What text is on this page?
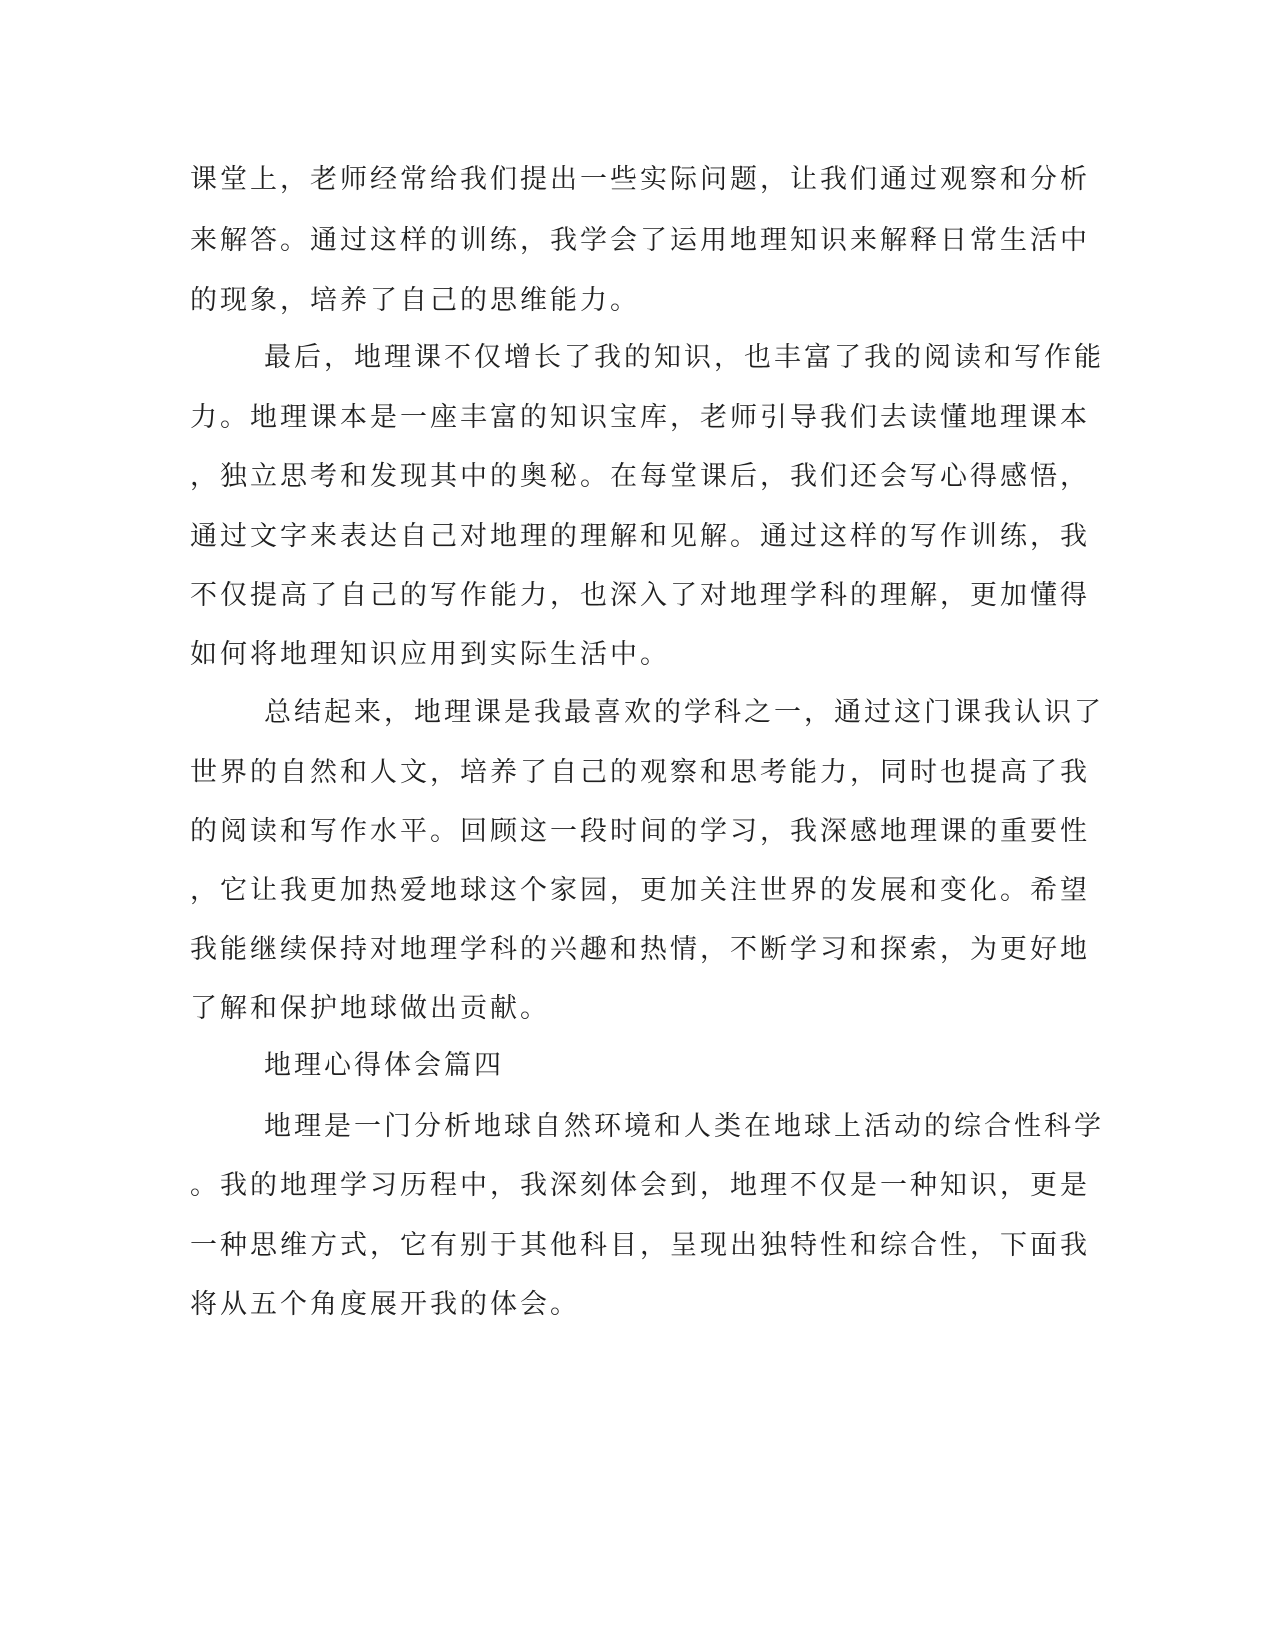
课堂上，老师经常给我们提出一些实际问题，让我们通过观察和分析

来解答。通过这样的训练，我学会了运用地理知识来解释日常生活中

的现象，培养了自己的思维能力。

最后，地理课不仅增长了我的知识，也丰富了我的阅读和写作能

力。地理课本是一座丰富的知识宝库，老师引导我们去读懂地理课本

，独立思考和发现其中的奥秘。在每堂课后，我们还会写心得感悟，

通过文字来表达自己对地理的理解和见解。通过这样的写作训练，我

不仅提高了自己的写作能力，也深入了对地理学科的理解，更加懂得

如何将地理知识应用到实际生活中。

总结起来，地理课是我最喜欢的学科之一，通过这门课我认识了

世界的自然和人文，培养了自己的观察和思考能力，同时也提高了我

的阅读和写作水平。回顾这一段时间的学习，我深感地理课的重要性

，它让我更加热爱地球这个家园，更加关注世界的发展和变化。希望

我能继续保持对地理学科的兴趣和热情，不断学习和探索，为更好地

了解和保护地球做出贡献。

地理心得体会篇四

地理是一门分析地球自然环境和人类在地球上活动的综合性科学

。我的地理学习历程中，我深刻体会到，地理不仅是一种知识，更是

一种思维方式，它有别于其他科目，呈现出独特性和综合性，下面我

将从五个角度展开我的体会。
